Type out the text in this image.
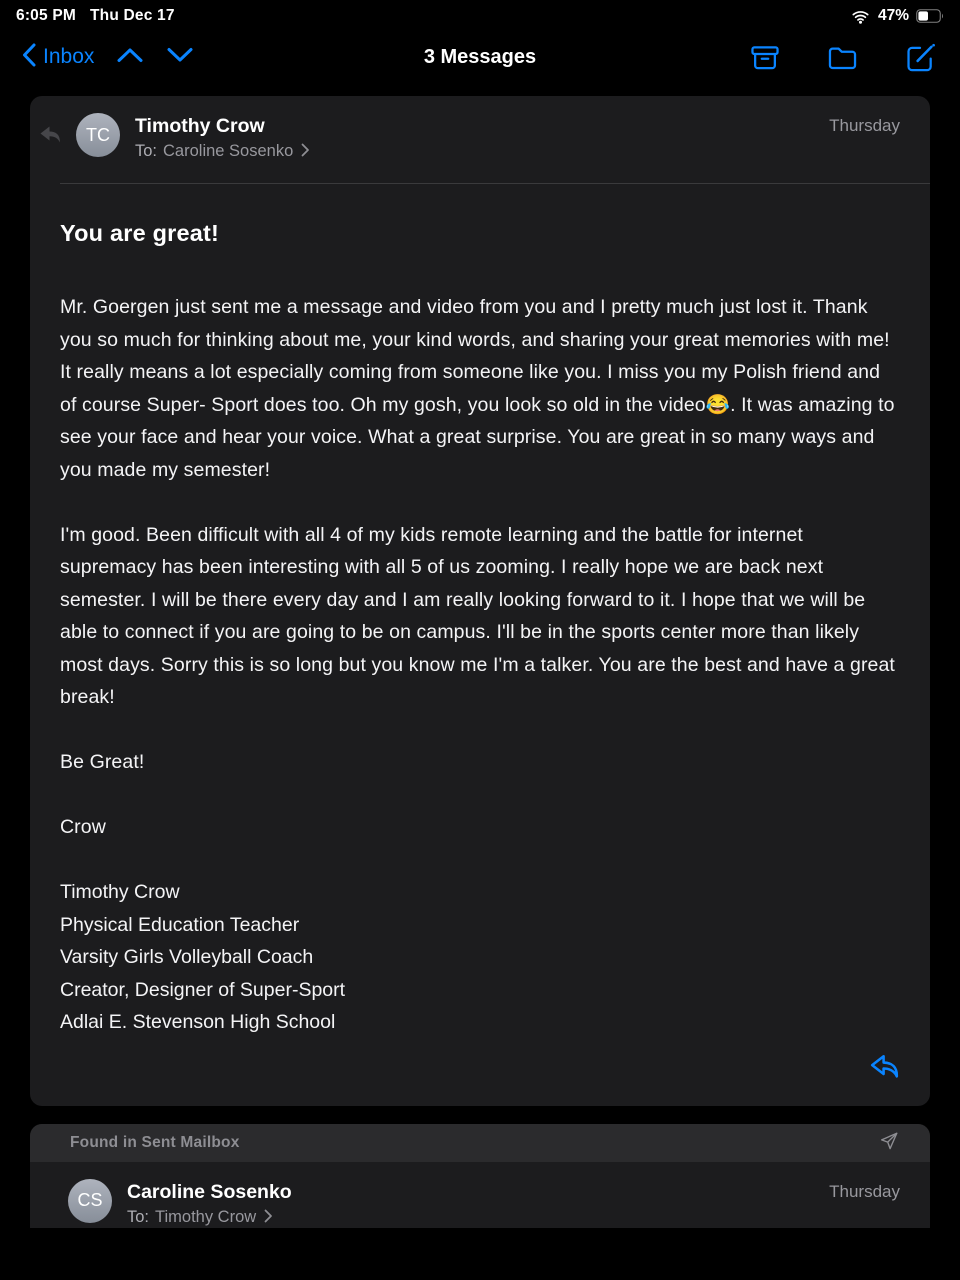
6:05 PM Thu Dec 17	47%
Inbox	3 Messages
TC Timothy Crow
To: Caroline Sosenko
Thursday
You are great!

Mr. Goergen just sent me a message and video from you and I pretty much just lost it. Thank you so much for thinking about me, your kind words, and sharing your great memories with me! It really means a lot especially coming from someone like you. I miss you my Polish friend and of course Super- Sport does too. Oh my gosh, you look so old in the video😂. It was amazing to see your face and hear your voice. What a great surprise. You are great in so many ways and you made my semester!

I'm good. Been difficult with all 4 of my kids remote learning and the battle for internet supremacy has been interesting with all 5 of us zooming. I really hope we are back next semester. I will be there every day and I am really looking forward to it. I hope that we will be able to connect if you are going to be on campus. I'll be in the sports center more than likely most days. Sorry this is so long but you know me I'm a talker. You are the best and have a great break!

Be Great!

Crow

Timothy Crow
Physical Education Teacher
Varsity Girls Volleyball Coach
Creator, Designer of Super-Sport
Adlai E. Stevenson High School
Found in Sent Mailbox
CS Caroline Sosenko
To: Timothy Crow
Thursday
